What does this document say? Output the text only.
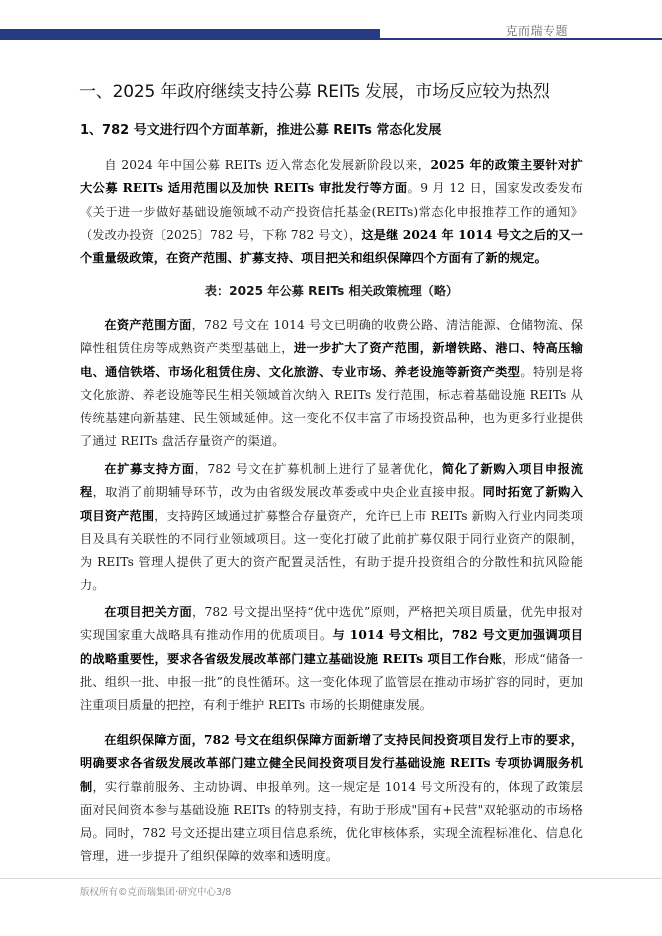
克而瑞专题
一、2025 年政府继续支持公募 REITs 发展，市场反应较为热烈
1、782 号文进行四个方面革新，推进公募 REITs 常态化发展
自 2024 年中国公募 REITs 迈入常态化发展新阶段以来，2025 年的政策主要针对扩大公募 REITs 适用范围以及加快 REITs 审批发行等方面。9 月 12 日，国家发改委发布《关于进一步做好基础设施领域不动产投资信托基金(REITs)常态化申报推荐工作的通知》（发改办投资〔2025〕782 号，下称 782 号文），这是继 2024 年 1014 号文之后的又一个重量级政策，在资产范围、扩募支持、项目把关和组织保障四个方面有了新的规定。
表：2025 年公募 REITs 相关政策梳理（略）
在资产范围方面，782 号文在 1014 号文已明确的收费公路、清洁能源、仓储物流、保障性租赁住房等成熟资产类型基础上，进一步扩大了资产范围，新增铁路、港口、特高压输电、通信铁塔、市场化租赁住房、文化旅游、专业市场、养老设施等新资产类型。特别是将文化旅游、养老设施等民生相关领域首次纳入 REITs 发行范围，标志着基础设施 REITs 从传统基建向新基建、民生领域延伸。这一变化不仅丰富了市场投资品种，也为更多行业提供了通过 REITs 盘活存量资产的渠道。
在扩募支持方面，782 号文在扩募机制上进行了显著优化，简化了新购入项目申报流程，取消了前期辅导环节，改为由省级发展改革委或中央企业直接申报。同时拓宽了新购入项目资产范围，支持跨区域通过扩募整合存量资产，允许已上市 REITs 新购入行业内同类项目及具有关联性的不同行业领域项目。这一变化打破了此前扩募仅限于同行业资产的限制，为 REITs 管理人提供了更大的资产配置灵活性，有助于提升投资组合的分散性和抗风险能力。
在项目把关方面，782 号文提出坚持“优中选优”原则，严格把关项目质量，优先申报对实现国家重大战略具有推动作用的优质项目。与 1014 号文相比，782 号文更加强调项目的战略重要性，要求各省级发展改革部门建立基础设施 REITs 项目工作台账，形成“储备一批、组织一批、申报一批”的良性循环。这一变化体现了监管层在推动市场扩容的同时，更加注重项目质量的把控，有利于维护 REITs 市场的长期健康发展。
在组织保障方面，782 号文在组织保障方面新增了支持民间投资项目发行上市的要求，明确要求各省级发展改革部门建立健全民间投资项目发行基础设施 REITs 专项协调服务机制，实行靠前服务、主动协调、申报单列。这一规定是 1014 号文所没有的，体现了政策层面对民间资本参与基础设施 REITs 的特别支持，有助于形成"国有+民营"双轮驱动的市场格局。同时，782 号文还提出建立项目信息系统，优化审核体系，实现全流程标准化、信息化管理，进一步提升了组织保障的效率和透明度。
版权所有©克而瑞集团·研究中心3/8
